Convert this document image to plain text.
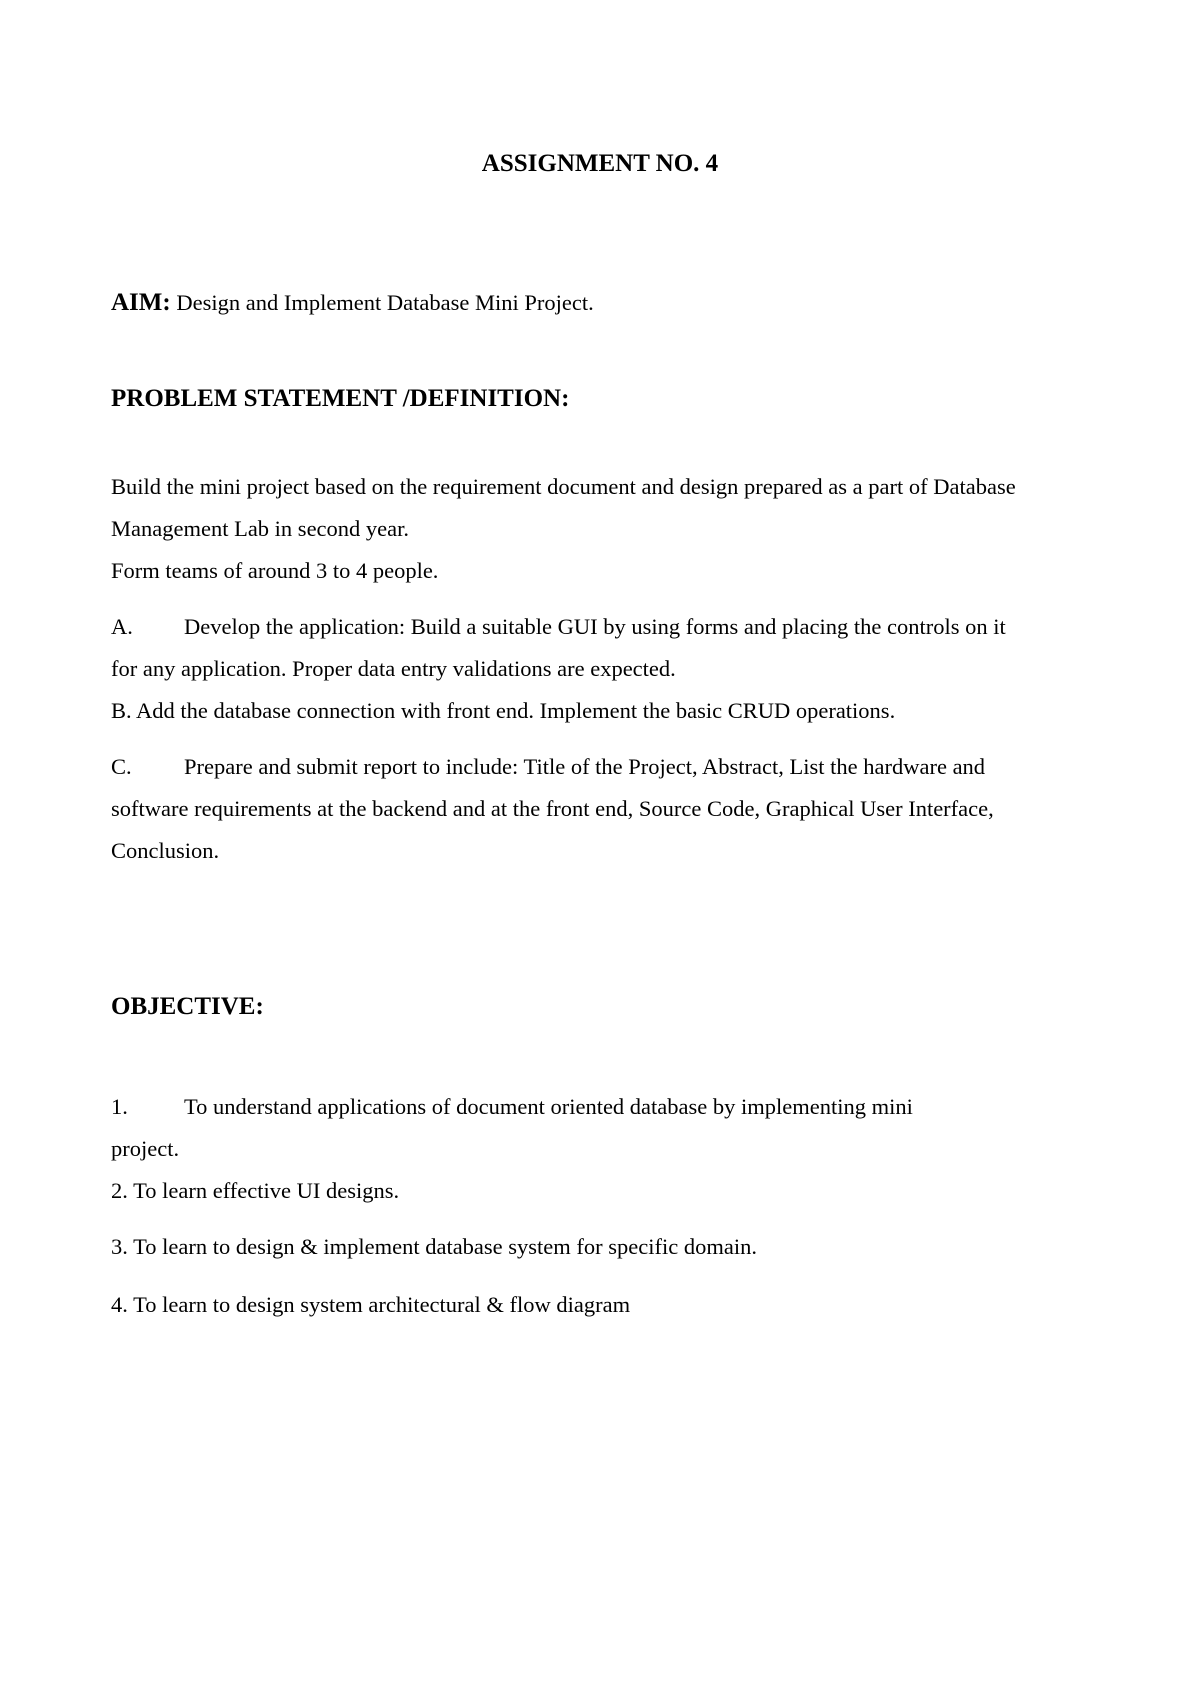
ASSIGNMENT NO. 4
AIM: Design and Implement Database Mini Project.
PROBLEM STATEMENT /DEFINITION:
Build the mini project based on the requirement document and design prepared as a part of Database
Management Lab in second year.
Form teams of around 3 to 4 people.
A. Develop the application: Build a suitable GUI by using forms and placing the controls on it
for any application. Proper data entry validations are expected.
B. Add the database connection with front end. Implement the basic CRUD operations.
C. Prepare and submit report to include: Title of the Project, Abstract, List the hardware and
software requirements at the backend and at the front end, Source Code, Graphical User Interface,
Conclusion.
OBJECTIVE:
1. To understand applications of document oriented database by implementing mini
project.
2. To learn effective UI designs.
3. To learn to design & implement database system for specific domain.
4. To learn to design system architectural & flow diagram
